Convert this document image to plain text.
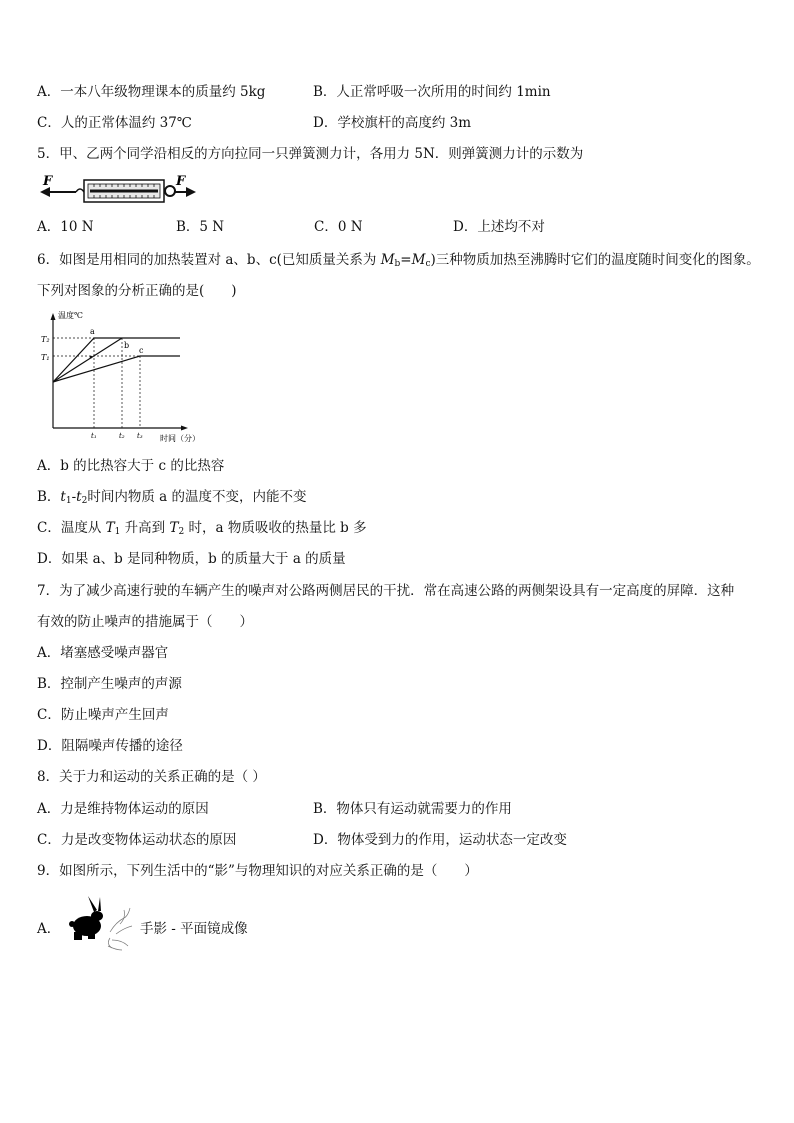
A．一本八年级物理课本的质量约 5kg	B．人正常呼吸一次所用的时间约 1min
C．人的正常体温约 37℃	D．学校旗杆的高度约 3m
5．甲、乙两个同学沿相反的方向拉同一只弹簧测力计，各用力 5N．则弹簧测力计的示数为
F	F
A．10 N	B．5 N	C．0 N	D．上述均不对
6．如图是用相同的加热装置对 a、b、c(已知质量关系为 $M_b=M_c$)三种物质加热至沸腾时它们的温度随时间变化的图象。
下列对图象的分析正确的是(　　)
温度℃
时间（分）
T₂
T₁
a
b
c
t₁	t₂ t₃
A．b 的比热容大于 c 的比热容
B．$t_1-t_2$时间内物质 a 的温度不变，内能不变
C．温度从 $T_1$ 升高到 $T_2$ 时，a 物质吸收的热量比 b 多
D．如果 a、b 是同种物质，b 的质量大于 a 的质量
7．为了减少高速行驶的车辆产生的噪声对公路两侧居民的干扰．常在高速公路的两侧架设具有一定高度的屏障．这种
有效的防止噪声的措施属于（　　）
A．堵塞感受噪声器官
B．控制产生噪声的声源
C．防止噪声产生回声
D．阻隔噪声传播的途径
8．关于力和运动的关系正确的是（ ）
A．力是维持物体运动的原因	B．物体只有运动就需要力的作用
C．力是改变物体运动状态的原因	D．物体受到力的作用，运动状态一定改变
9．如图所示，下列生活中的“影”与物理知识的对应关系正确的是（　　）
A．	手影 - 平面镜成像
